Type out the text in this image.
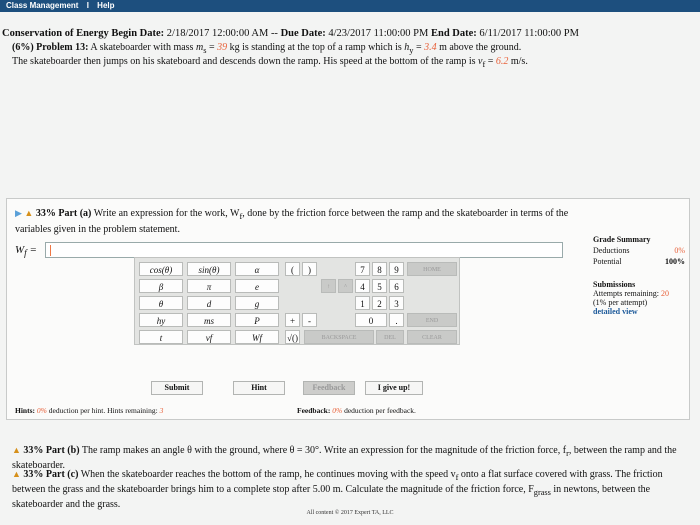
Class Management I Help
Conservation of Energy Begin Date: 2/18/2017 12:00:00 AM -- Due Date: 4/23/2017 11:00:00 PM End Date: 6/11/2017 11:00:00 PM
(6%) Problem 13: A skateboarder with mass $m_s = 39$ kg is standing at the top of a ramp which is $h_y = 3.4$ m above the ground.
The skateboarder then jumps on his skateboard and descends down the ramp. His speed at the bottom of the ramp is $v_f = 6.2$ m/s.
▶ ▲ 33% Part (a) Write an expression for the work, $W_f$, done by the friction force between the ramp and the skateboarder in terms of the variables given in the problem statement.
$W_f$ =
Grade Summary
Deductions	0%
Potential	100%
Submissions
Attempts remaining: 20
(1% per attempt)
detailed view
cos(θ)	sin(θ)	α
β	π	e
θ	d	g
hy	ms	P
t	vf	Wf
7	8	9
4	5	6
1	2	3
0	.
(	)
+	-
√()
↑	^
HOME
END
BACKSPACE	DEL	CLEAR
Submit	Hint	Feedback	I give up!
Hints: 0% deduction per hint. Hints remaining: 3	Feedback: 0% deduction per feedback.
▲ 33% Part (b) The ramp makes an angle θ with the ground, where θ = 30°. Write an expression for the magnitude of the friction force, $f_r$, between the ramp and the skateboarder.
▲ 33% Part (c) When the skateboarder reaches the bottom of the ramp, he continues moving with the speed $v_f$ onto a flat surface covered with grass. The friction between the grass and the skateboarder brings him to a complete stop after 5.00 m. Calculate the magnitude of the friction force, $F_{grass}$ in newtons, between the skateboarder and the grass.
All content © 2017 Expert TA, LLC
